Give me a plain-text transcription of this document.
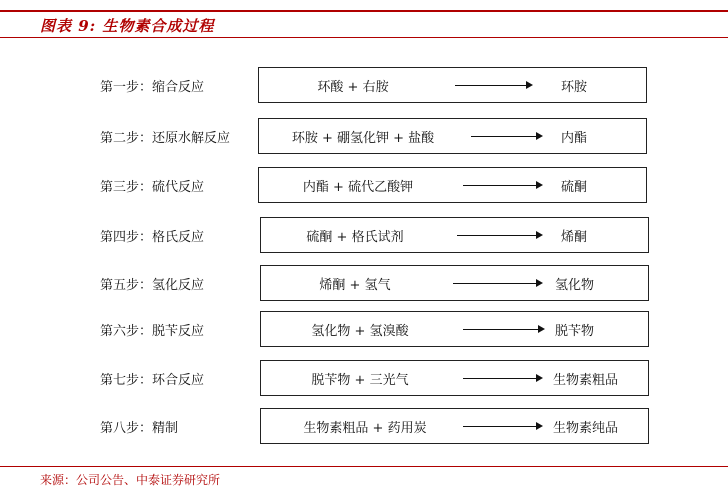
图表 9: 生物素合成过程
第一步：缩合反应	环酸 + 右胺	环胺
第二步：还原水解反应	环胺 + 硼氢化钾 + 盐酸	内酯
第三步：硫代反应	内酯 + 硫代乙酸钾	硫酮
第四步：格氏反应	硫酮 + 格氏试剂	烯酮
第五步：氢化反应	烯酮 + 氢气	氢化物
第六步：脱苄反应	氢化物 + 氢溴酸	脱苄物
第七步：环合反应	脱苄物 + 三光气	生物素粗品
第八步：精制	生物素粗品 + 药用炭	生物素纯品
来源：公司公告、中泰证券研究所
